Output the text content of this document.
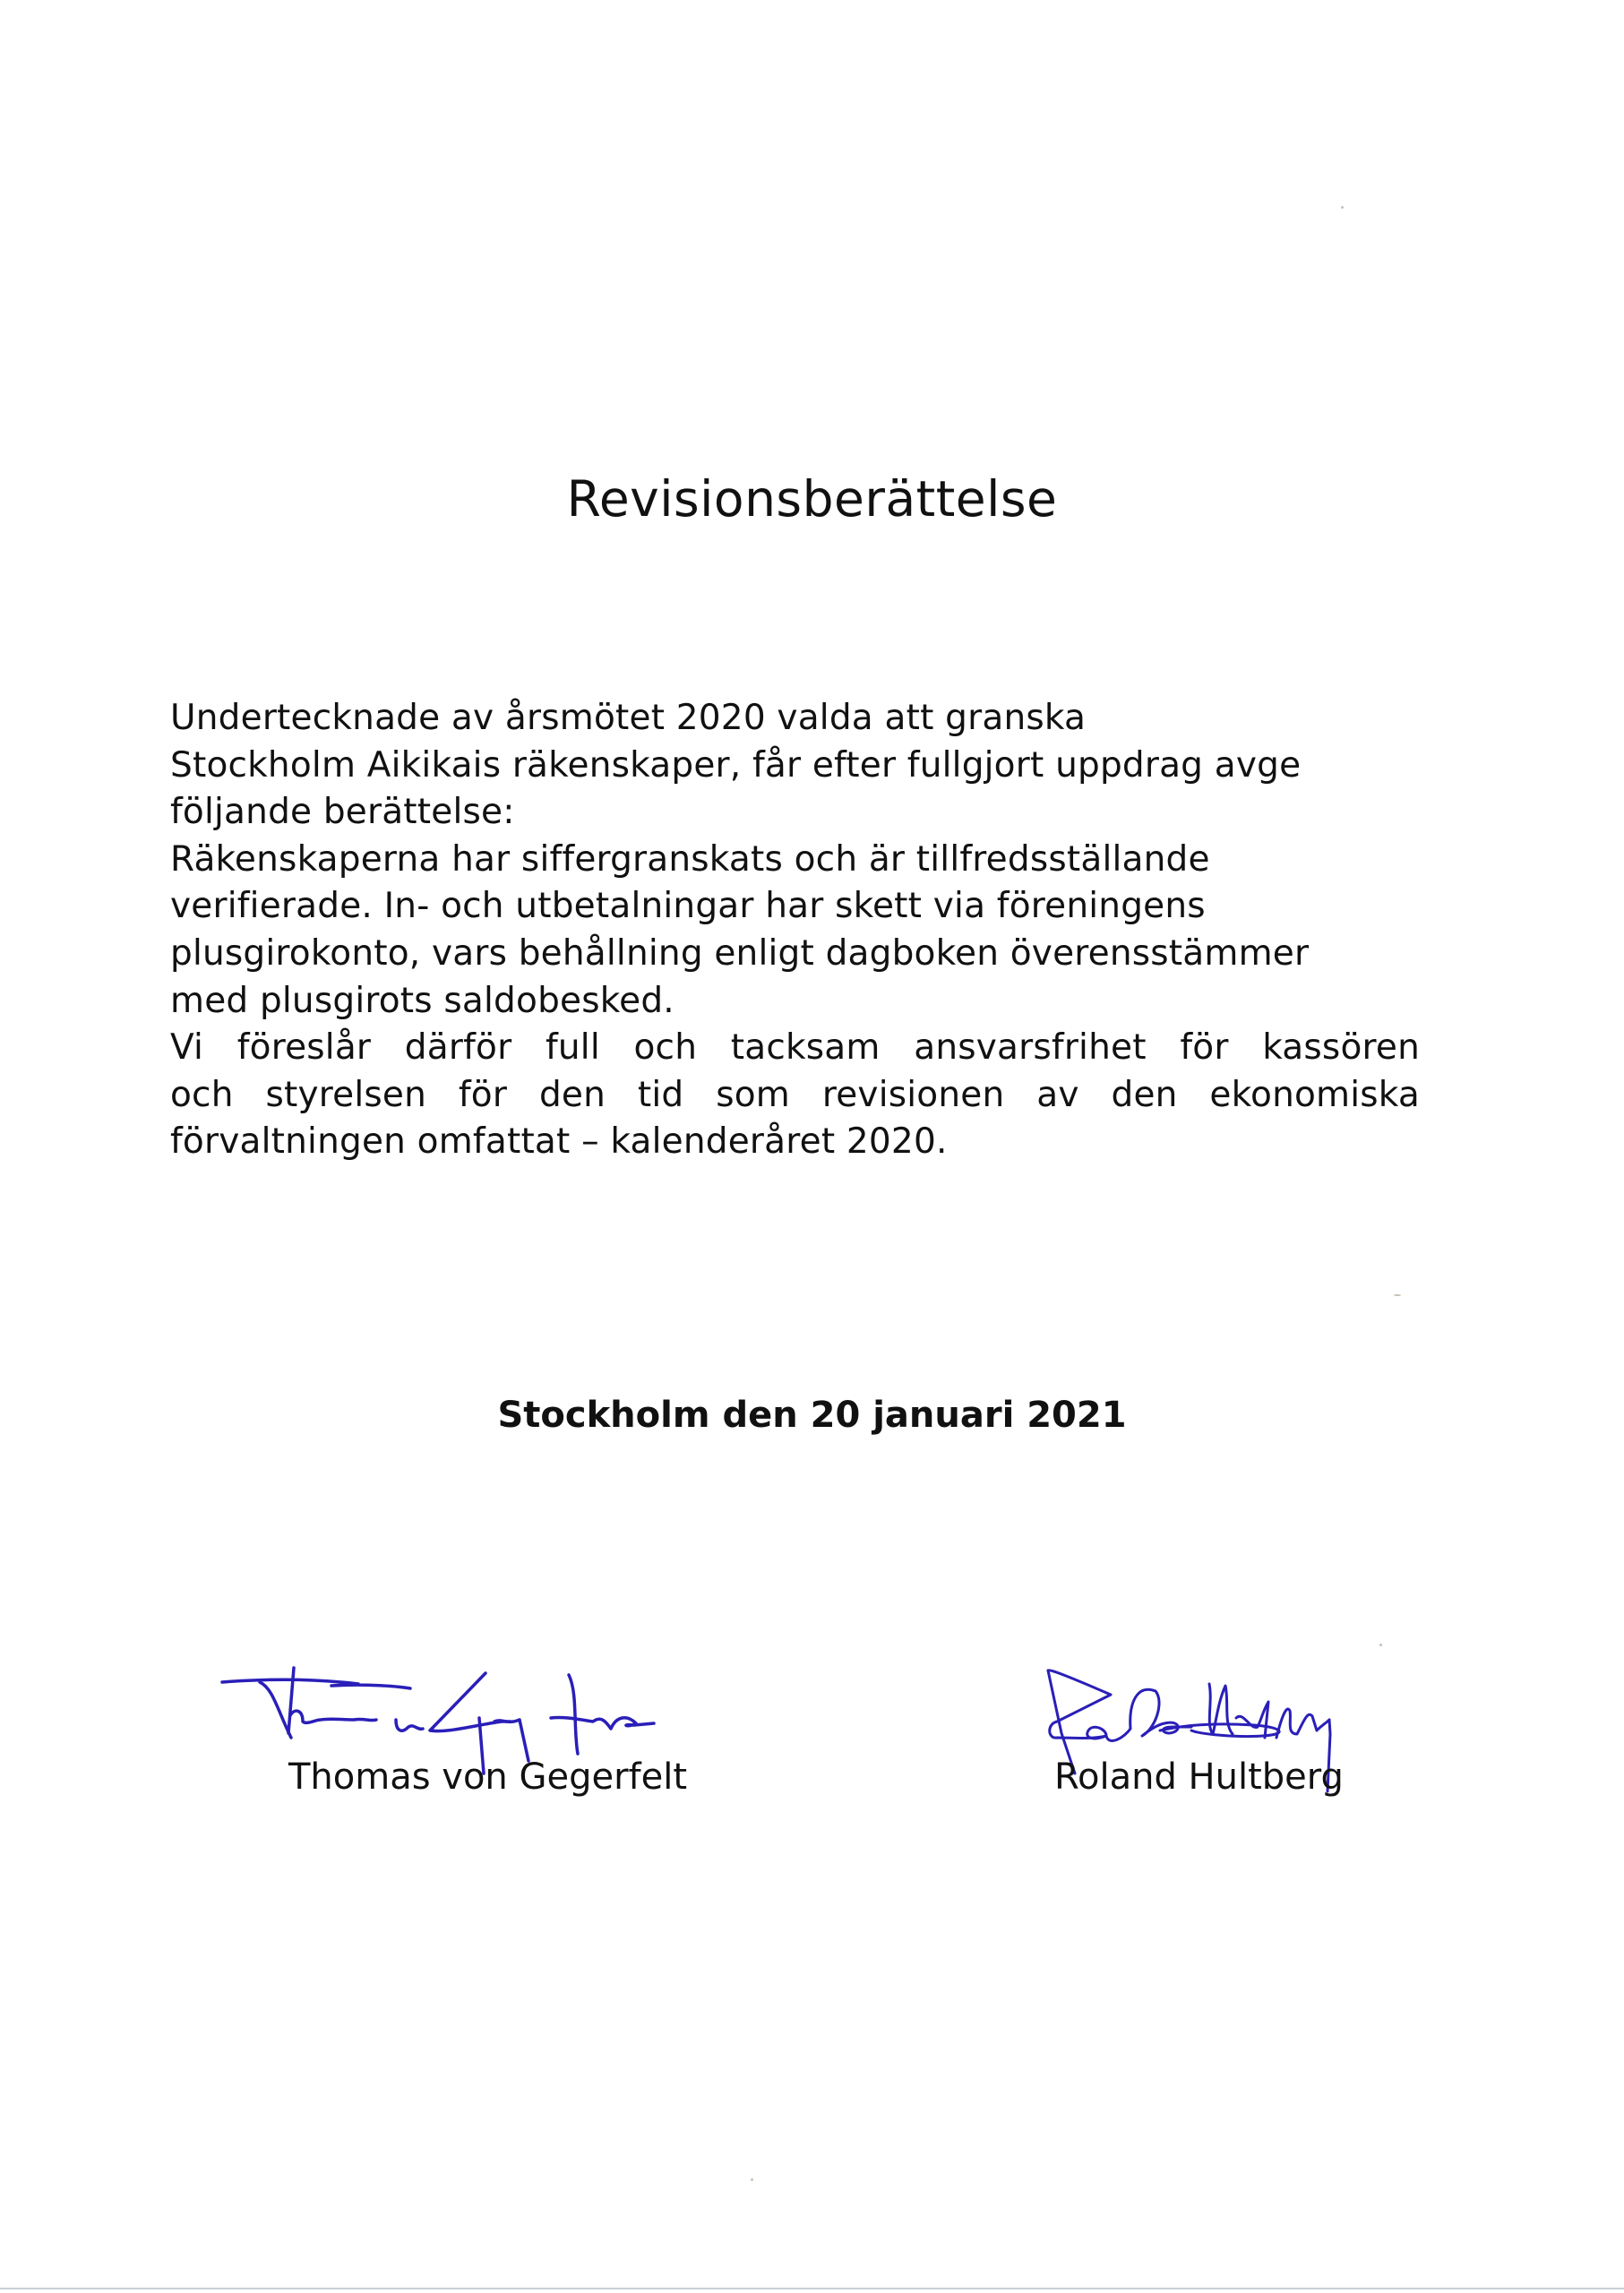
Revisionsberättelse
Undertecknade av årsmötet 2020 valda att granska
Stockholm Aikikais räkenskaper, får efter fullgjort uppdrag avge
följande berättelse:
Räkenskaperna har siffergranskats och är tillfredsställande
verifierade. In- och utbetalningar har skett via föreningens
plusgirokonto, vars behållning enligt dagboken överensstämmer
med plusgirots saldobesked.
Vi föreslår därför full och tacksam ansvarsfrihet för kassören
och styrelsen för den tid som revisionen av den ekonomiska
förvaltningen omfattat – kalenderåret 2020.
Stockholm den 20 januari 2021
Thomas von Gegerfelt	Roland Hultberg
